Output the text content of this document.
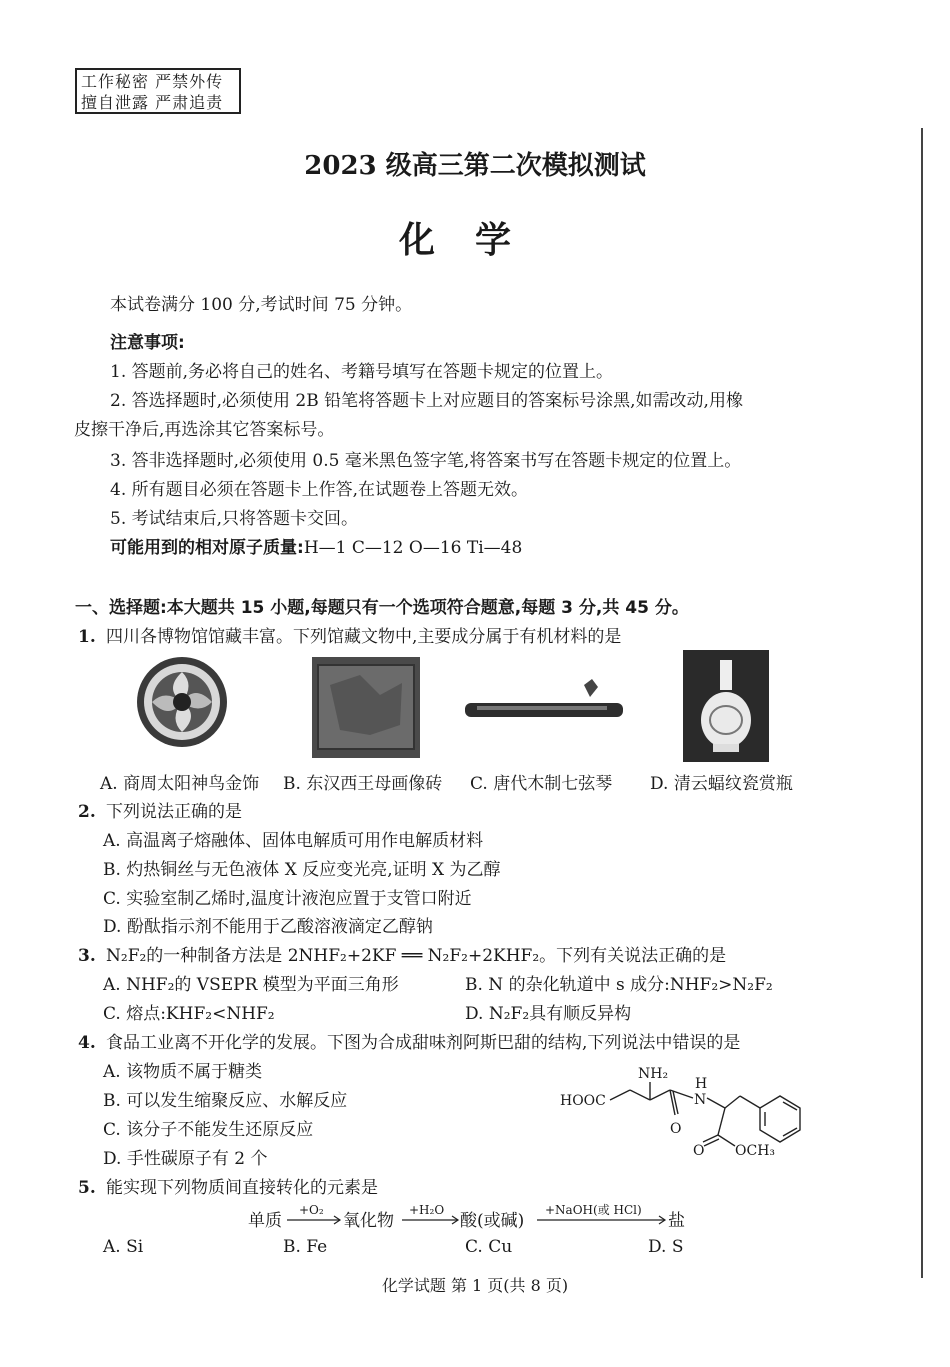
工作秘密 严禁外传
擅自泄露 严肃追责
2023 级高三第二次模拟测试
化学
本试卷满分 100 分,考试时间 75 分钟。
注意事项:
1. 答题前,务必将自己的姓名、考籍号填写在答题卡规定的位置上。
2. 答选择题时,必须使用 2B 铅笔将答题卡上对应题目的答案标号涂黑,如需改动,用橡
皮擦干净后,再选涂其它答案标号。
3. 答非选择题时,必须使用 0.5 毫米黑色签字笔,将答案书写在答题卡规定的位置上。
4. 所有题目必须在答题卡上作答,在试题卷上答题无效。
5. 考试结束后,只将答题卡交回。
可能用到的相对原子质量:H—1 C—12 O—16 Ti—48
一、选择题:本大题共 15 小题,每题只有一个选项符合题意,每题 3 分,共 45 分。
1. 四川各博物馆馆藏丰富。下列馆藏文物中,主要成分属于有机材料的是
A. 商周太阳神鸟金饰 B. 东汉西王母画像砖 C. 唐代木制七弦琴 D. 清云蝠纹瓷赏瓶
2. 下列说法正确的是
A. 高温离子熔融体、固体电解质可用作电解质材料
B. 灼热铜丝与无色液体 X 反应变光亮,证明 X 为乙醇
C. 实验室制乙烯时,温度计液泡应置于支管口附近
D. 酚酞指示剂不能用于乙酸溶液滴定乙醇钠
3. N₂F₂的一种制备方法是 2NHF₂+2KF ══ N₂F₂+2KHF₂。下列有关说法正确的是
A. NHF₂的 VSEPR 模型为平面三角形	B. N 的杂化轨道中 s 成分:NHF₂>N₂F₂
C. 熔点:KHF₂<NHF₂	D. N₂F₂具有顺反异构
4. 食品工业离不开化学的发展。下图为合成甜味剂阿斯巴甜的结构,下列说法中错误的是
A. 该物质不属于糖类
B. 可以发生缩聚反应、水解反应
C. 该分子不能发生还原反应
D. 手性碳原子有 2 个
HOOC
NH₂
H
N
O
O OCH₃
5. 能实现下列物质间直接转化的元素是
单质
+O₂
氧化物
+H₂O
酸(或碱)
+NaOH(或 HCl)
盐
A. Si	B. Fe	C. Cu	D. S
化学试题 第 1 页(共 8 页)
